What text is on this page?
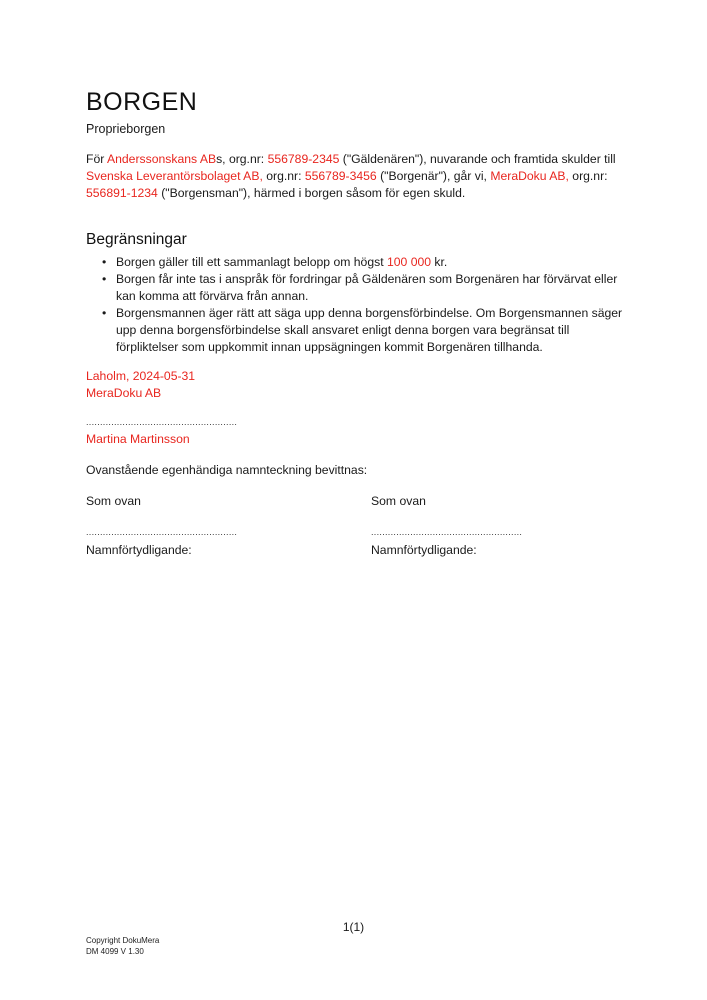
BORGEN
Proprieborgen

För Anderssonskans ABs, org.nr: 556789-2345 ("Gäldenären"), nuvarande och framtida skulder till Svenska Leverantörsbolaget AB, org.nr: 556789-3456 ("Borgenär"), går vi, MeraDoku AB, org.nr: 556891-1234 ("Borgensman"), härmed i borgen såsom för egen skuld.

Begränsningar
• Borgen gäller till ett sammanlagt belopp om högst 100 000 kr.
• Borgen får inte tas i anspråk för fordringar på Gäldenären som Borgenären har förvärvat eller kan komma att förvärva från annan.
• Borgensmannen äger rätt att säga upp denna borgensförbindelse. Om Borgensmannen säger upp denna borgensförbindelse skall ansvaret enligt denna borgen vara begränsat till förpliktelser som uppkommit innan uppsägningen kommit Borgenären tillhanda.
Laholm, 2024-05-31
MeraDoku AB
......................................................
Martina Martinsson
Ovanstående egenhändiga namnteckning bevittnas:
Som ovan	Som ovan
......................................................	......................................................
Namnförtydligande:	Namnförtydligande:
1(1)
Copyright DokuMera
DM 4099 V 1.30
